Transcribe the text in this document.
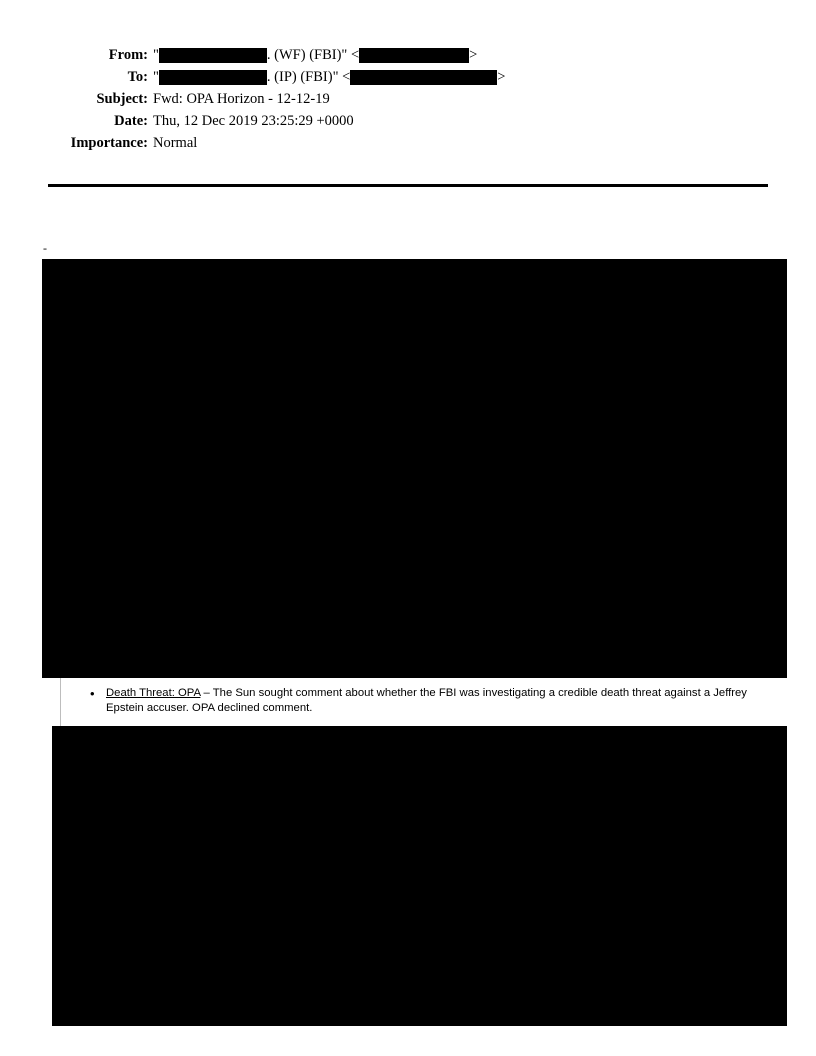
From: "	. (WF) (FBI)" <	>
To: "	. (IP) (FBI)" <	>
Subject: Fwd: OPA Horizon - 12-12-19
Date: Thu, 12 Dec 2019 23:25:29 +0000
Importance: Normal
-
•	Death Threat: OPA – The Sun sought comment about whether the FBI was investigating a credible death threat against a Jeffrey Epstein accuser. OPA declined comment.
